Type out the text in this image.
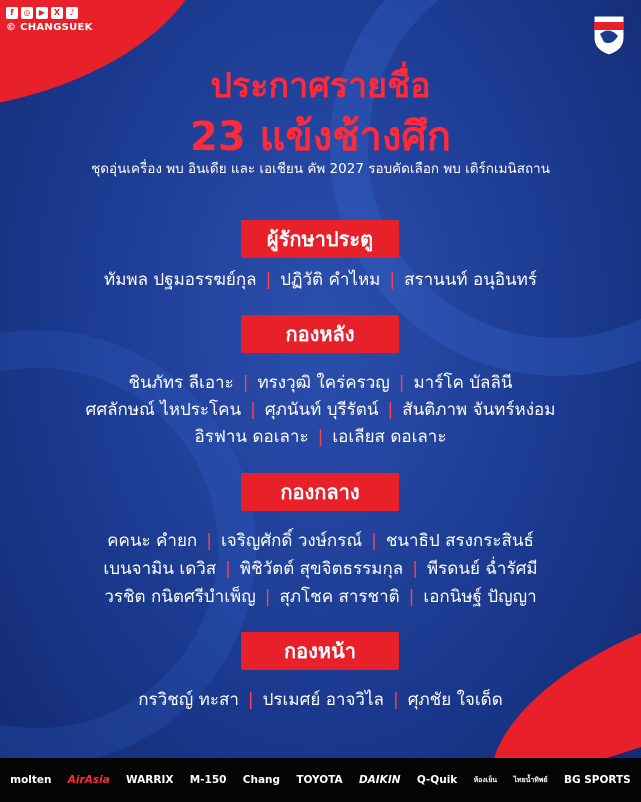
f	◎	▶	X	♪
© CHANGSUEK
ประกาศรายชื่อ
23 แข้งช้างศึก
ชุดอุ่นเครื่อง พบ อินเดีย และ เอเชียน คัพ 2027 รอบคัดเลือก พบ เติร์กเมนิสถาน
ผู้รักษาประตู
ทัมพล ปฐมอรรฆย์กุล | ปฏิวัติ คำไหม | สรานนท์ อนุอินทร์
กองหลัง
ชินภัทร ลีเอาะ | ทรงวุฒิ ใคร่ครวญ | มาร์โค บัลลินี
ศศลักษณ์ ไหประโคน | ศุภนันท์ บุรีรัตน์ | สันติภาพ จันทร์หง่อม
อิรฟาน ดอเลาะ | เอเลียส ดอเลาะ
กองกลาง
คคนะ คำยก | เจริญศักดิ์ วงษ์กรณ์ | ชนาธิป สรงกระสินธ์
เบนจามิน เดวิส | พิชิวัตต์ สุขจิตธรรมกุล | พีรดนย์ ฉ่ำรัศมี
วรชิต กนิตศรีบำเพ็ญ | สุภโชค สารชาติ | เอกนิษฐ์ ปัญญา
กองหน้า
กรวิชญ์ ทะสา | ปรเมศย์ อาจวิไล | ศุภชัย ใจเด็ด
molten AirAsia WARRIX M-150 Chang TOYOTA DAIKIN Q-Quik ห้องเย็น ไทยน้ำทิพย์ BG SPORTS
